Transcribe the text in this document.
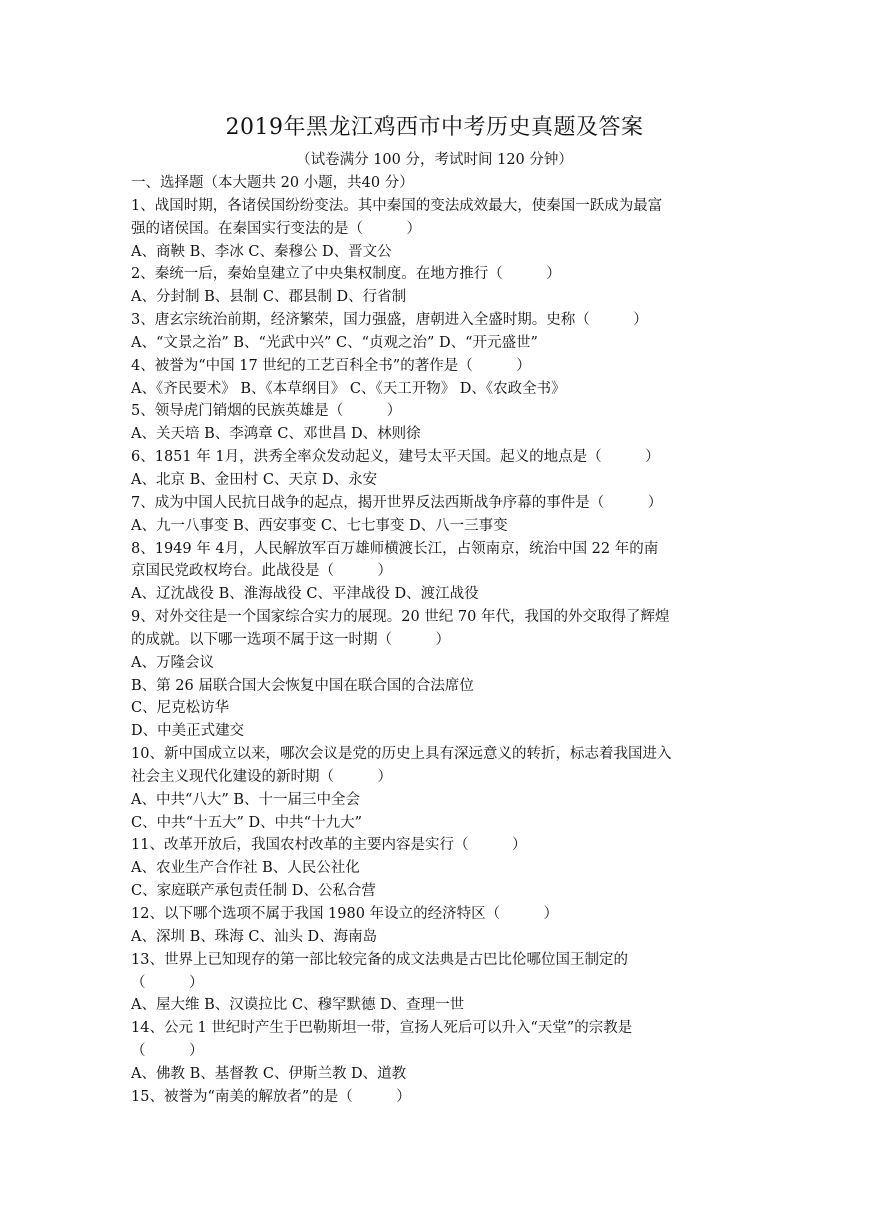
2019年黑龙江鸡西市中考历史真题及答案
（试卷满分 100 分，考试时间 120 分钟）
一、选择题（本大题共 20 小题，共40 分）
1、战国时期，各诸侯国纷纷变法。其中秦国的变法成效最大，使秦国一跃成为最富
强的诸侯国。在秦国实行变法的是（　　　）
A、商鞅 B、李冰 C、秦穆公 D、晋文公
2、秦统一后，秦始皇建立了中央集权制度。在地方推行（　　　）
A、分封制 B、县制 C、郡县制 D、行省制
3、唐玄宗统治前期，经济繁荣，国力强盛，唐朝进入全盛时期。史称（　　　）
A、“文景之治” B、“光武中兴” C、“贞观之治” D、“开元盛世”
4、被誉为“中国 17 世纪的工艺百科全书”的著作是（　　　）
A、《齐民要术》 B、《本草纲目》 C、《天工开物》 D、《农政全书》
5、领导虎门销烟的民族英雄是（　　　）
A、关天培 B、李鸿章 C、邓世昌 D、林则徐
6、1851 年 1月，洪秀全率众发动起义，建号太平天国。起义的地点是（　　　）
A、北京 B、金田村 C、天京 D、永安
7、成为中国人民抗日战争的起点，揭开世界反法西斯战争序幕的事件是（　　　）
A、九一八事变 B、西安事变 C、七七事变 D、八一三事变
8、1949 年 4月，人民解放军百万雄师横渡长江，占领南京，统治中国 22 年的南
京国民党政权垮台。此战役是（　　　）
A、辽沈战役 B、淮海战役 C、平津战役 D、渡江战役
9、对外交往是一个国家综合实力的展现。20 世纪 70 年代，我国的外交取得了辉煌
的成就。以下哪一选项不属于这一时期（　　　）
A、万隆会议
B、第 26 届联合国大会恢复中国在联合国的合法席位
C、尼克松访华
D、中美正式建交
10、新中国成立以来，哪次会议是党的历史上具有深远意义的转折，标志着我国进入
社会主义现代化建设的新时期（　　　）
A、中共“八大” B、十一届三中全会
C、中共“十五大” D、中共“十九大”
11、改革开放后，我国农村改革的主要内容是实行（　　　）
A、农业生产合作社 B、人民公社化
C、家庭联产承包责任制 D、公私合营
12、以下哪个选项不属于我国 1980 年设立的经济特区（　　　）
A、深圳 B、珠海 C、汕头 D、海南岛
13、世界上已知现存的第一部比较完备的成文法典是古巴比伦哪位国王制定的
（　　　）
A、屋大维 B、汉谟拉比 C、穆罕默德 D、查理一世
14、公元 1 世纪时产生于巴勒斯坦一带，宣扬人死后可以升入“天堂”的宗教是
（　　　）
A、佛教 B、基督教 C、伊斯兰教 D、道教
15、被誉为“南美的解放者”的是（　　　）
